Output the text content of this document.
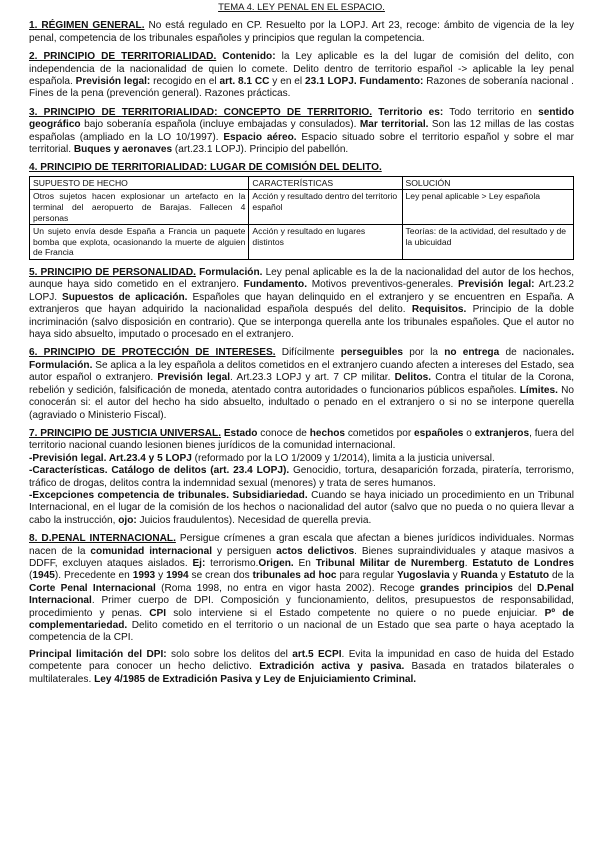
TEMA 4. LEY PENAL EN EL ESPACIO.

1. RÉGIMEN GENERAL. No está regulado en CP. Resuelto por la LOPJ. Art 23, recoge: ámbito de vigencia de la ley penal, competencia de los tribunales españoles y principios que regulan la competencia.

2. PRINCIPIO DE TERRITORIALIDAD. Contenido: la Ley aplicable es la del lugar de comisión del delito, con independencia de la nacionalidad de quien lo comete. Delito dentro de territorio español -> aplicable la ley penal española. Previsión legal: recogido en el art. 8.1 CC y en el 23.1 LOPJ. Fundamento: Razones de soberanía nacional . Fines de la pena (prevención general). Razones prácticas.

3. PRINCIPIO DE TERRITORIALIDAD: CONCEPTO DE TERRITORIO. Territorio es: Todo territorio en sentido geográfico bajo soberanía española (incluye embajadas y consulados). Mar territorial. Son las 12 millas de las costas españolas (ampliado en la LO 10/1997). Espacio aéreo. Espacio situado sobre el territorio español y sobre el mar territorial. Buques y aeronaves (art.23.1 LOPJ). Principio del pabellón.

4. PRINCIPIO DE TERRITORIALIDAD: LUGAR DE COMISIÓN DEL DELITO.
SUPUESTO DE HECHO	CARACTERÍSTICAS	SOLUCIÓN
Otros sujetos hacen explosionar un artefacto en la terminal del aeropuerto de Barajas. Fallecen 4 personas	Acción y resultado dentro del territorio español	Ley penal aplicable > Ley española
Un sujeto envía desde España a Francia un paquete bomba que explota, ocasionando la muerte de alguien de Francia	Acción y resultado en lugares distintos	Teorías: de la actividad, del resultado y de la ubicuidad

5. PRINCIPIO DE PERSONALIDAD. Formulación. Ley penal aplicable es la de la nacionalidad del autor de los hechos, aunque haya sido cometido en el extranjero. Fundamento. Motivos preventivos-generales. Previsión legal: Art.23.2 LOPJ. Supuestos de aplicación. Españoles que hayan delinquido en el extranjero y se encuentren en España. A extranjeros que hayan adquirido la nacionalidad española después del delito. Requisitos. Principio de la doble incriminación (salvo disposición en contrario). Que se interponga querella ante los tribunales españoles. Que el autor no haya sido absuelto, imputado o procesado en el extranjero.

6. PRINCIPIO DE PROTECCIÓN DE INTERESES. Difícilmente perseguibles por la no entrega de nacionales. Formulación. Se aplica a la ley española a delitos cometidos en el extranjero cuando afecten a intereses del Estado, sea autor español o extranjero. Previsión legal. Art.23.3 LOPJ y art. 7 CP militar. Delitos. Contra el titular de la Corona, rebelión y sedición, falsificación de moneda, atentado contra autoridades o funcionarios públicos españoles. Límites. No conocerán si: el autor del hecho ha sido absuelto, indultado o penado en el extranjero o si no se interpone querella (agraviado o Ministerio Fiscal).

7. PRINCIPIO DE JUSTICIA UNIVERSAL. Estado conoce de hechos cometidos por españoles o extranjeros, fuera del territorio nacional cuando lesionen bienes jurídicos de la comunidad internacional.

-Previsión legal. Art.23.4 y 5 LOPJ (reformado por la LO 1/2009 y 1/2014), limita a la justicia universal.

-Características. Catálogo de delitos (art. 23.4 LOPJ). Genocidio, tortura, desaparición forzada, piratería, terrorismo, tráfico de drogas, delitos contra la indemnidad sexual (menores) y trata de seres humanos.

-Excepciones competencia de tribunales. Subsidiariedad. Cuando se haya iniciado un procedimiento en un Tribunal Internacional, en el lugar de la comisión de los hechos o nacionalidad del autor (salvo que no pueda o no quiera llevar a cabo la instrucción, ojo: Juicios fraudulentos). Necesidad de querella previa.

8. D.PENAL INTERNACIONAL. Persigue crímenes a gran escala que afectan a bienes jurídicos individuales. Normas nacen de la comunidad internacional y persiguen actos delictivos. Bienes supraindividuales y ataque masivos a DDFF, excluyen ataques aislados. Ej: terrorismo.Origen. En Tribunal Militar de Nuremberg. Estatuto de Londres (1945). Precedente en 1993 y 1994 se crean dos tribunales ad hoc para regular Yugoslavia y Ruanda y Estatuto de la Corte Penal Internacional (Roma 1998, no entra en vigor hasta 2002). Recoge grandes principios del D.Penal Internacional. Primer cuerpo de DPI. Composición y funcionamiento, delitos, presupuestos de responsabilidad, procedimiento y penas. CPI solo interviene si el Estado competente no quiere o no puede enjuiciar. Pº de complementariedad. Delito cometido en el territorio o un nacional de un Estado que sea parte o haya aceptado la competencia de la CPI.

Principal limitación del DPI: solo sobre los delitos del art.5 ECPI. Evita la impunidad en caso de huida del Estado competente para conocer un hecho delictivo. Extradición activa y pasiva. Basada en tratados bilaterales o multilaterales. Ley 4/1985 de Extradición Pasiva y Ley de Enjuiciamiento Criminal.
